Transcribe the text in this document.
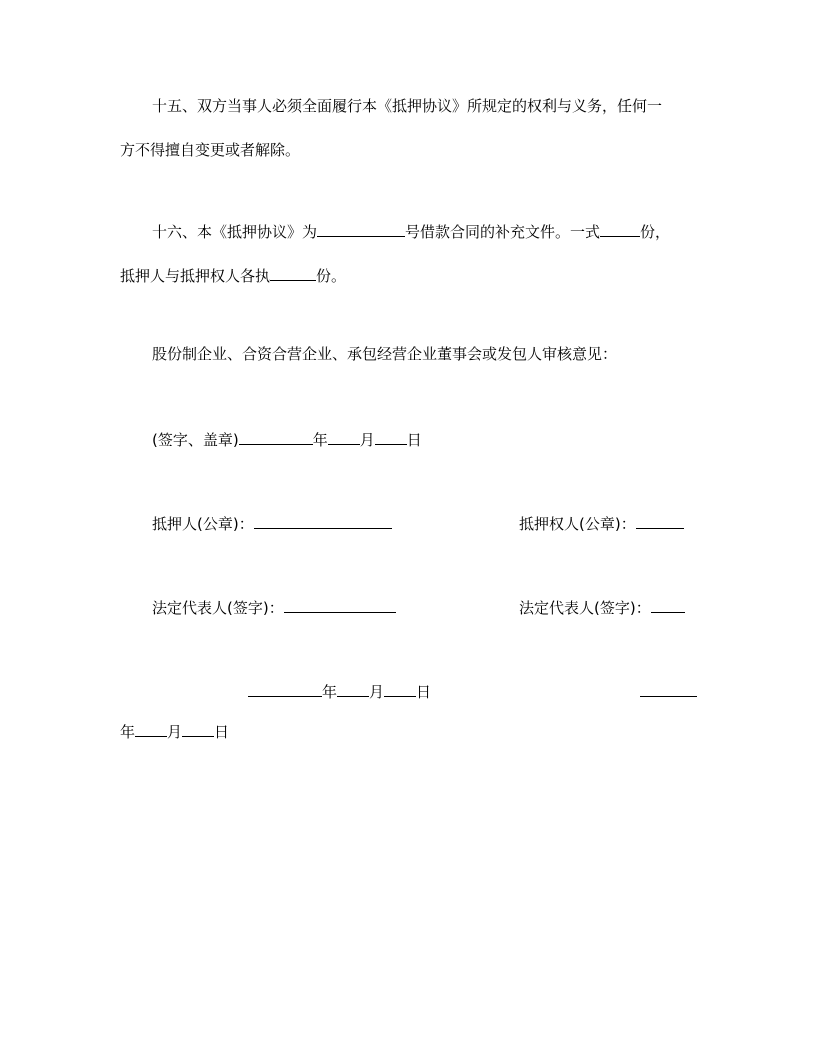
十五、双方当事人必须全面履行本《抵押协议》所规定的权利与义务，任何一
方不得擅自变更或者解除。
十六、本《抵押协议》为	号借款合同的补充文件。一式	份，
抵押人与抵押权人各执	份。
股份制企业、合资合营企业、承包经营企业董事会或发包人审核意见：
(签字、盖章)	年 月 日
抵押人(公章)：	抵押权人(公章)：
法定代表人(签字)：	法定代表人(签字)：
年 月 日
年 月 日
